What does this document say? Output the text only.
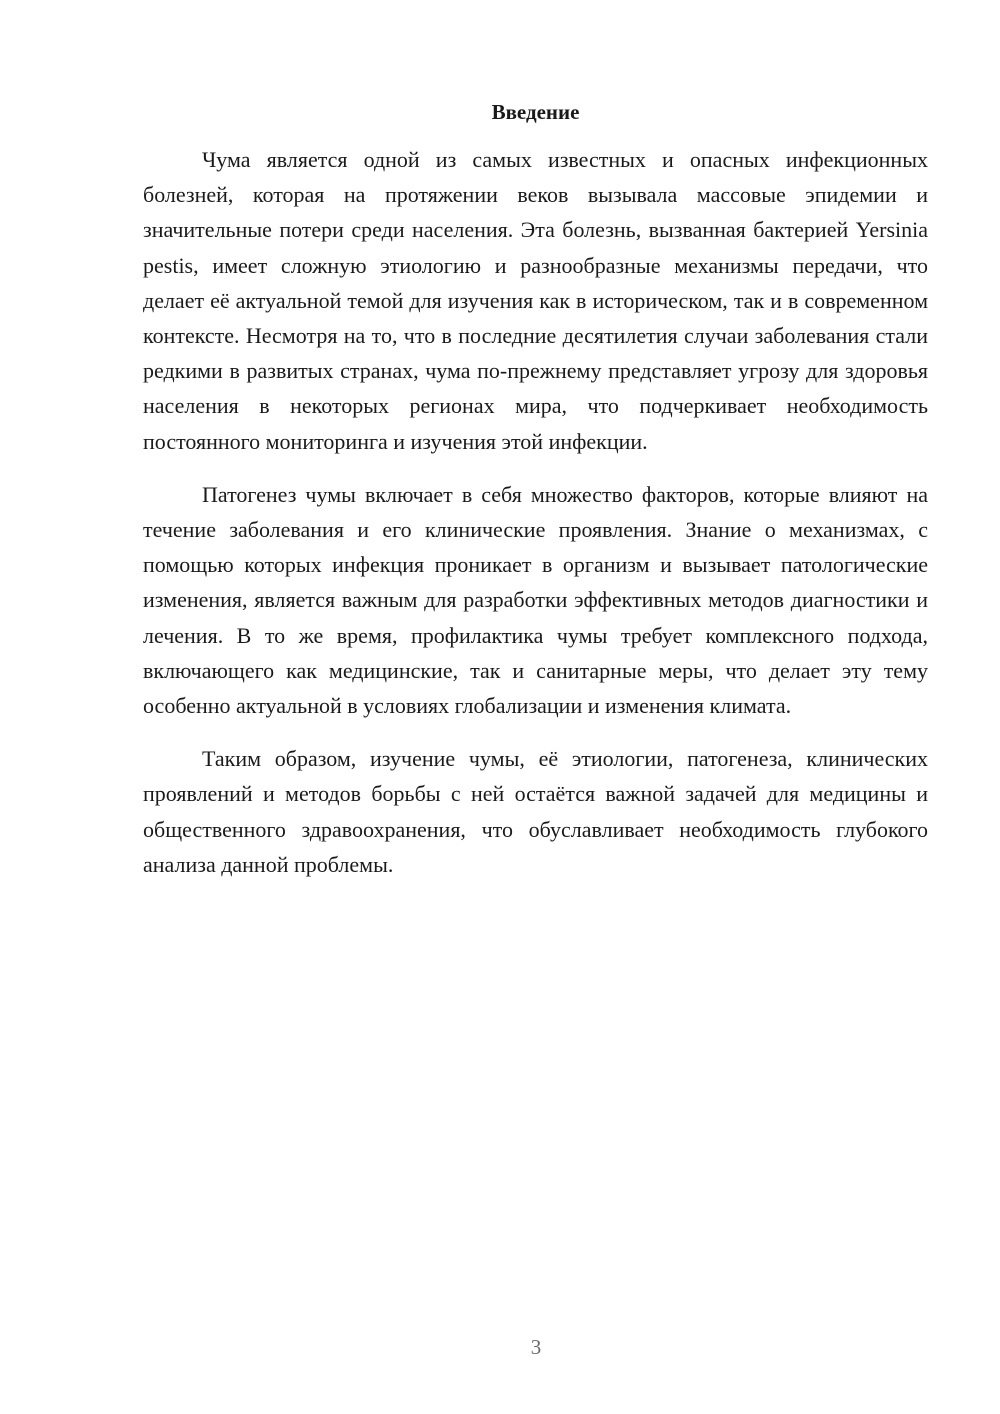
Введение

Чума является одной из самых известных и опасных инфекционных болезней, которая на протяжении веков вызывала массовые эпидемии и значительные потери среди населения. Эта болезнь, вызванная бактерией Yersinia pestis, имеет сложную этиологию и разнообразные механизмы передачи, что делает её актуальной темой для изучения как в историческом, так и в современном контексте. Несмотря на то, что в последние десятилетия случаи заболевания стали редкими в развитых странах, чума по-прежнему представляет угрозу для здоровья населения в некоторых регионах мира, что подчеркивает необходимость постоянного мониторинга и изучения этой инфекции.

Патогенез чумы включает в себя множество факторов, которые влияют на течение заболевания и его клинические проявления. Знание о механизмах, с помощью которых инфекция проникает в организм и вызывает патологические изменения, является важным для разработки эффективных методов диагностики и лечения. В то же время, профилактика чумы требует комплексного подхода, включающего как медицинские, так и санитарные меры, что делает эту тему особенно актуальной в условиях глобализации и изменения климата.

Таким образом, изучение чумы, её этиологии, патогенеза, клинических проявлений и методов борьбы с ней остаётся важной задачей для медицины и общественного здравоохранения, что обуславливает необходимость глубокого анализа данной проблемы.

3
